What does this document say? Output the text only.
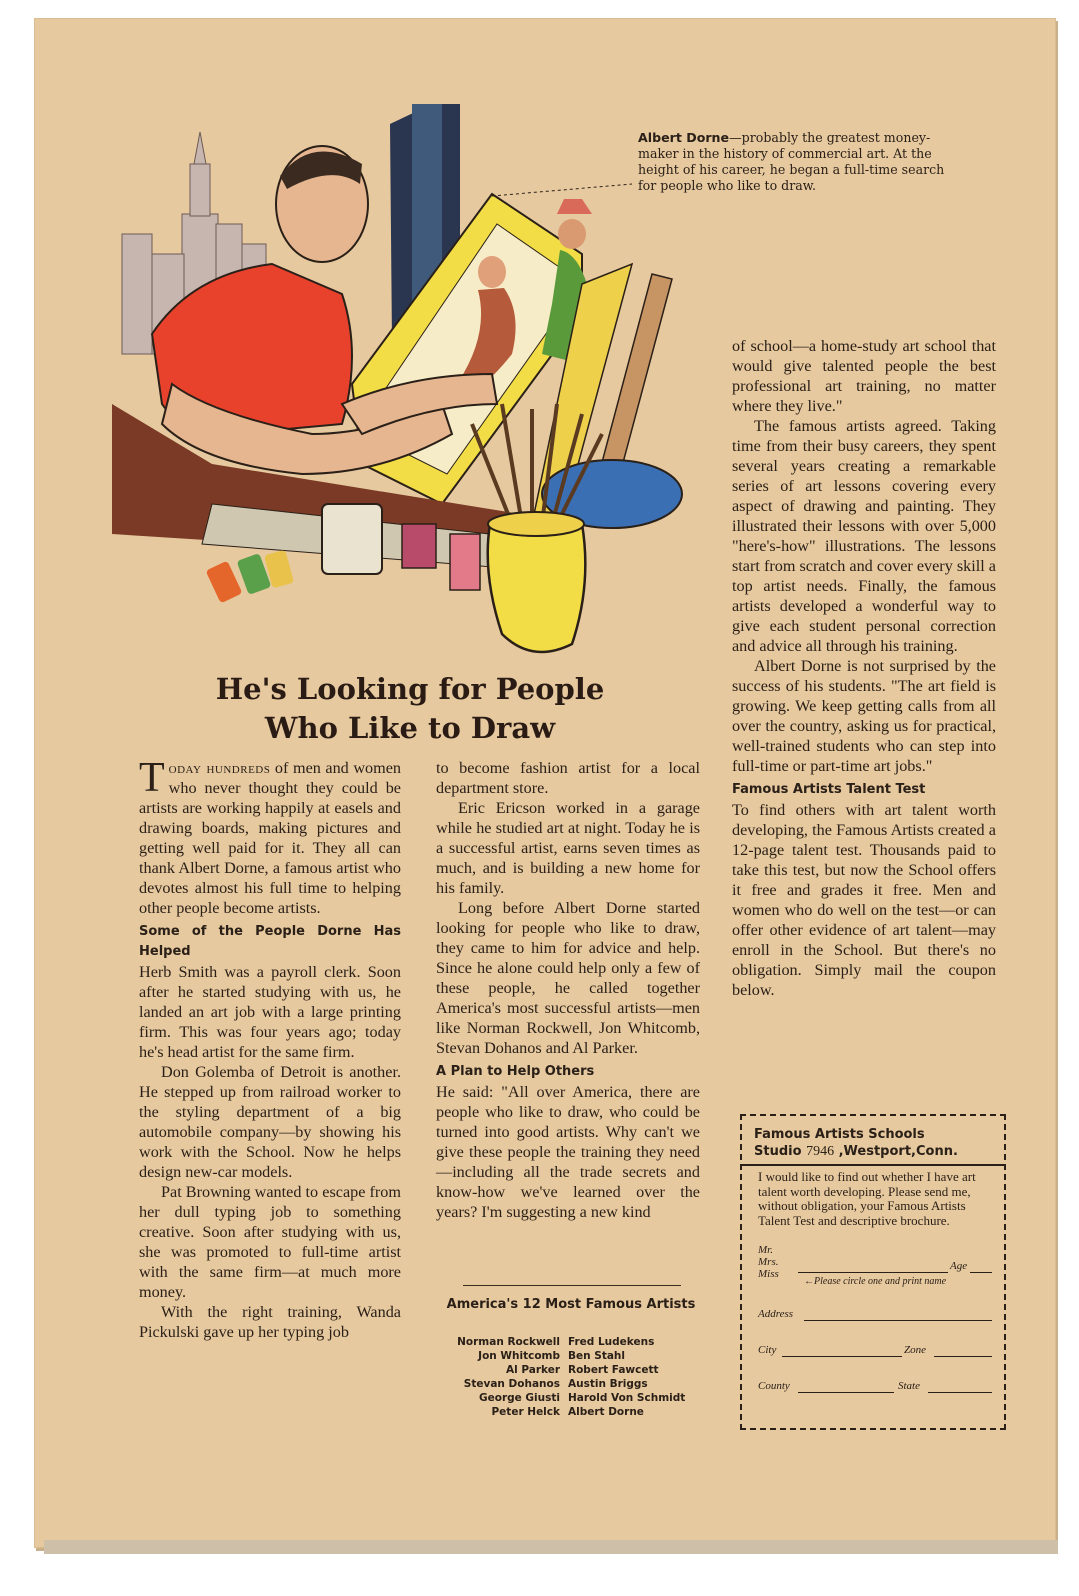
Albert Dorne—probably the greatest money-maker in the history of commercial art. At the height of his career, he began a full-time search for people who like to draw.
He's Looking for People
Who Like to Draw

Today hundreds of men and women who never thought they could be artists are working happily at easels and drawing boards, making pictures and getting well paid for it. They all can thank Albert Dorne, a famous artist who devotes almost his full time to helping other people become artists.

Some of the People Dorne Has Helped

Herb Smith was a payroll clerk. Soon after he started studying with us, he landed an art job with a large printing firm. This was four years ago; today he's head artist for the same firm.

Don Golemba of Detroit is another. He stepped up from railroad worker to the styling department of a big automobile company—by showing his work with the School. Now he helps design new-car models.

Pat Browning wanted to escape from her dull typing job to something creative. Soon after studying with us, she was promoted to full-time artist with the same firm—at much more money.

With the right training, Wanda Pickulski gave up her typing job

to become fashion artist for a local department store.

Eric Ericson worked in a garage while he studied art at night. Today he is a successful artist, earns seven times as much, and is building a new home for his family.

Long before Albert Dorne started looking for people who like to draw, they came to him for advice and help. Since he alone could help only a few of these people, he called together America's most successful artists—men like Norman Rockwell, Jon Whitcomb, Stevan Dohanos and Al Parker.

A Plan to Help Others

He said: "All over America, there are people who like to draw, who could be turned into good artists. Why can't we give these people the training they need—including all the trade secrets and know-how we've learned over the years? I'm suggesting a new kind

America's 12 Most Famous Artists
Norman Rockwell Fred Ludekens
Jon Whitcomb Ben Stahl
Al Parker Robert Fawcett
Stevan Dohanos Austin Briggs
George Giusti Harold Von Schmidt
Peter Helck Albert Dorne

of school—a home-study art school that would give talented people the best professional art training, no matter where they live."

The famous artists agreed. Taking time from their busy careers, they spent several years creating a remarkable series of art lessons covering every aspect of drawing and painting. They illustrated their lessons with over 5,000 "here's-how" illustrations. The lessons start from scratch and cover every skill a top artist needs. Finally, the famous artists developed a wonderful way to give each student personal correction and advice all through his training.

Albert Dorne is not surprised by the success of his students. "The art field is growing. We keep getting calls from all over the country, asking us for practical, well-trained students who can step into full-time or part-time art jobs."

Famous Artists Talent Test

To find others with art talent worth developing, the Famous Artists created a 12-page talent test. Thousands paid to take this test, but now the School offers it free and grades it free. Men and women who do well on the test—or can offer other evidence of art talent—may enroll in the School. But there's no obligation. Simply mail the coupon below.

Famous Artists Schools
Studio 7946 ,Westport,Conn.
I would like to find out whether I have art talent worth developing. Please send me, without obligation, your Famous Artists Talent Test and descriptive brochure.
Mr.
Mrs.
Miss
Age
←Please circle one and print name
Address
City	Zone
County	State
